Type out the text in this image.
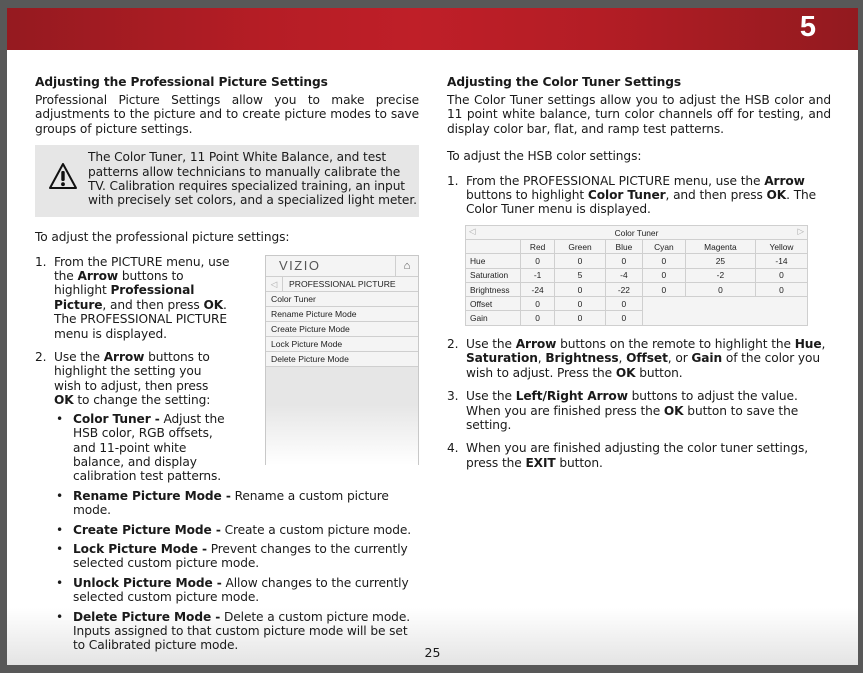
5
Adjusting the Professional Picture Settings

Professional Picture Settings allow you to make precise adjustments to the picture and to create picture modes to save groups of picture settings.

The Color Tuner, 11 Point White Balance, and test patterns allow technicians to manually calibrate the TV. Calibration requires specialized training, an input with precisely set colors, and a specialized light meter.

To adjust the professional picture settings:

1. From the PICTURE menu, use the Arrow buttons to highlight Professional Picture, and then press OK. The PROFESSIONAL PICTURE menu is displayed.
2. Use the Arrow buttons to highlight the setting you wish to adjust, then press OK to change the setting:
• Color Tuner - Adjust the HSB color, RGB offsets, and 11-point white balance, and display calibration test patterns.
• Rename Picture Mode - Rename a custom picture mode.
• Create Picture Mode - Create a custom picture mode.
• Lock Picture Mode - Prevent changes to the currently selected custom picture mode.
• Unlock Picture Mode - Allow changes to the currently selected custom picture mode.
• Delete Picture Mode - Delete a custom picture mode. Inputs assigned to that custom picture mode will be set to Calibrated picture mode.
VIZIO	⌂
◁ PROFESSIONAL PICTURE
Color Tuner
Rename Picture Mode
Create Picture Mode
Lock Picture Mode
Delete Picture Mode
Adjusting the Color Tuner Settings

The Color Tuner settings allow you to adjust the HSB color and 11 point white balance, turn color channels off for testing, and display color bar, flat, and ramp test patterns.

To adjust the HSB color settings:

1. From the PROFESSIONAL PICTURE menu, use the Arrow buttons to highlight Color Tuner, and then press OK. The Color Tuner menu is displayed.
2. Use the Arrow buttons on the remote to highlight the Hue, Saturation, Brightness, Offset, or Gain of the color you wish to adjust. Press the OK button.
3. Use the Left/Right Arrow buttons to adjust the value. When you are finished press the OK button to save the setting.
4. When you are finished adjusting the color tuner settings, press the EXIT button.
◁ Color Tuner ▷						

	Red	Green	Blue	Cyan	Magenta	Yellow
Hue	0	0	0	0	25	-14
Saturation	-1	5	-4	0	-2	0
Brightness	-24	0	-22	0	0	0
Offset	0	0	0			
Gain	0	0	0			
25
